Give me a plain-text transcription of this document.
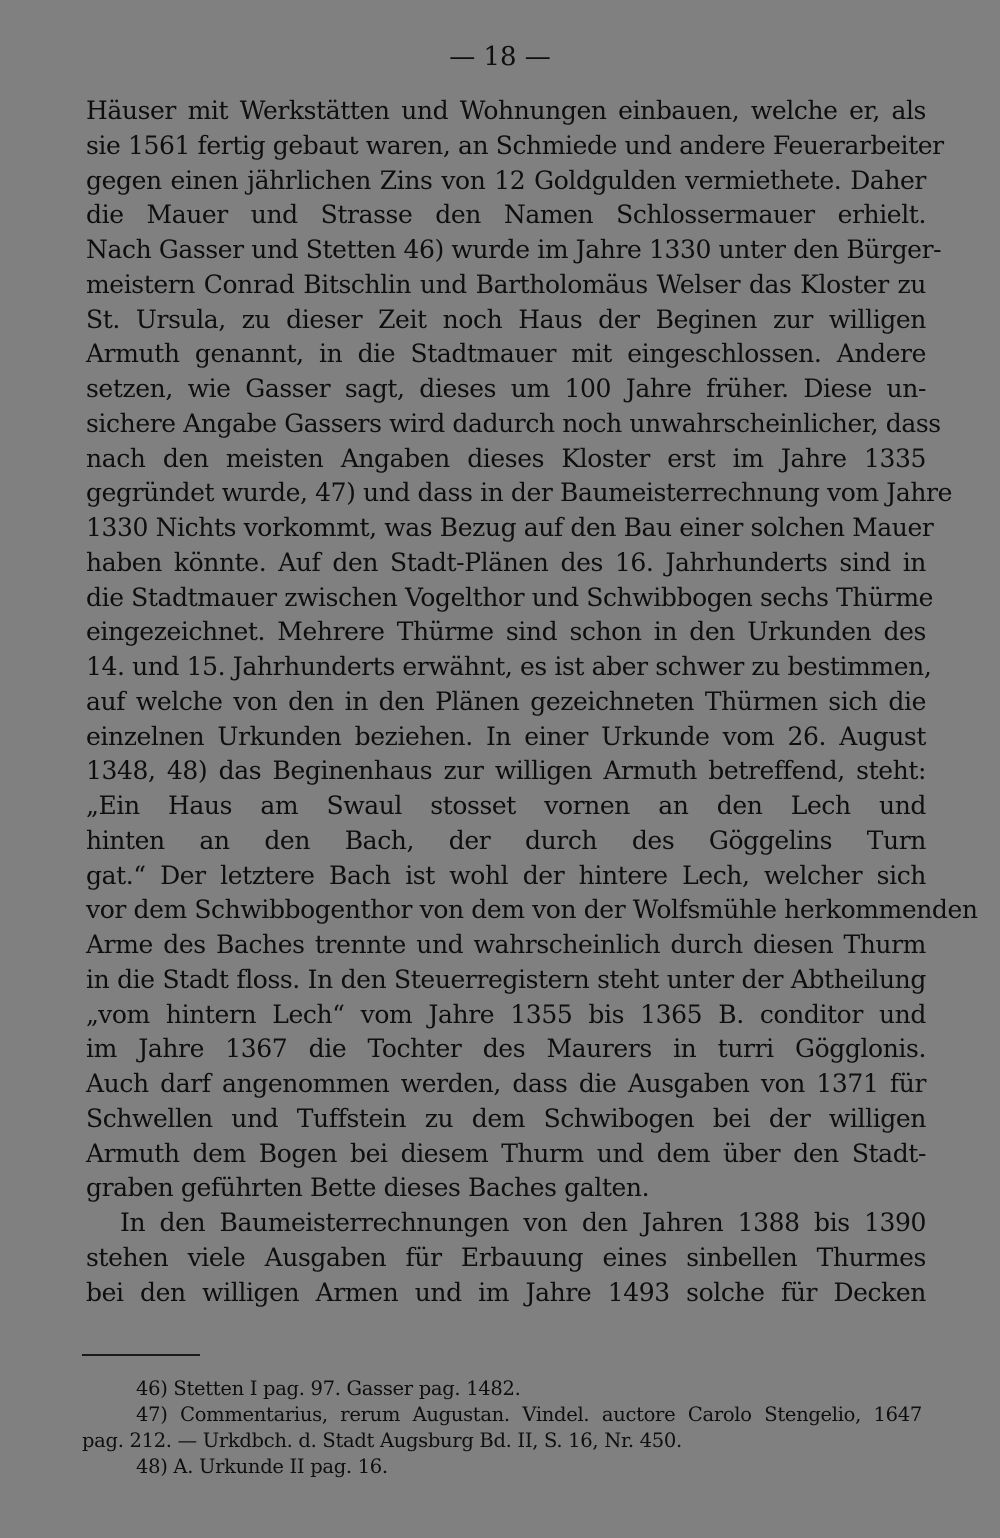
— 18 —
Häuser mit Werkstätten und Wohnungen einbauen, welche er, als
sie 1561 fertig gebaut waren, an Schmiede und andere Feuerarbeiter
gegen einen jährlichen Zins von 12 Goldgulden vermiethete. Daher
die Mauer und Strasse den Namen Schlossermauer erhielt.
Nach Gasser und Stetten 46) wurde im Jahre 1330 unter den Bürger-
meistern Conrad Bitschlin und Bartholomäus Welser das Kloster zu
St. Ursula, zu dieser Zeit noch Haus der Beginen zur willigen
Armuth genannt, in die Stadtmauer mit eingeschlossen. Andere
setzen, wie Gasser sagt, dieses um 100 Jahre früher. Diese un-
sichere Angabe Gassers wird dadurch noch unwahrscheinlicher, dass
nach den meisten Angaben dieses Kloster erst im Jahre 1335
gegründet wurde, 47) und dass in der Baumeisterrechnung vom Jahre
1330 Nichts vorkommt, was Bezug auf den Bau einer solchen Mauer
haben könnte. Auf den Stadt-Plänen des 16. Jahrhunderts sind in
die Stadtmauer zwischen Vogelthor und Schwibbogen sechs Thürme
eingezeichnet. Mehrere Thürme sind schon in den Urkunden des
14. und 15. Jahrhunderts erwähnt, es ist aber schwer zu bestimmen,
auf welche von den in den Plänen gezeichneten Thürmen sich die
einzelnen Urkunden beziehen. In einer Urkunde vom 26. August
1348, 48) das Beginenhaus zur willigen Armuth betreffend, steht:
„Ein Haus am Swaul stosset vornen an den Lech und
hinten an den Bach, der durch des Göggelins Turn
gat.“ Der letztere Bach ist wohl der hintere Lech, welcher sich
vor dem Schwibbogenthor von dem von der Wolfsmühle herkommenden
Arme des Baches trennte und wahrscheinlich durch diesen Thurm
in die Stadt floss. In den Steuerregistern steht unter der Abtheilung
„vom hintern Lech“ vom Jahre 1355 bis 1365 B. conditor und
im Jahre 1367 die Tochter des Maurers in turri Gögglonis.
Auch darf angenommen werden, dass die Ausgaben von 1371 für
Schwellen und Tuffstein zu dem Schwibogen bei der willigen
Armuth dem Bogen bei diesem Thurm und dem über den Stadt-
graben geführten Bette dieses Baches galten.
In den Baumeisterrechnungen von den Jahren 1388 bis 1390
stehen viele Ausgaben für Erbauung eines sinbellen Thurmes
bei den willigen Armen und im Jahre 1493 solche für Decken
46) Stetten I pag. 97. Gasser pag. 1482.
47) Commentarius, rerum Augustan. Vindel. auctore Carolo Stengelio, 1647
pag. 212. — Urkdbch. d. Stadt Augsburg Bd. II, S. 16, Nr. 450.
48) A. Urkunde II pag. 16.
